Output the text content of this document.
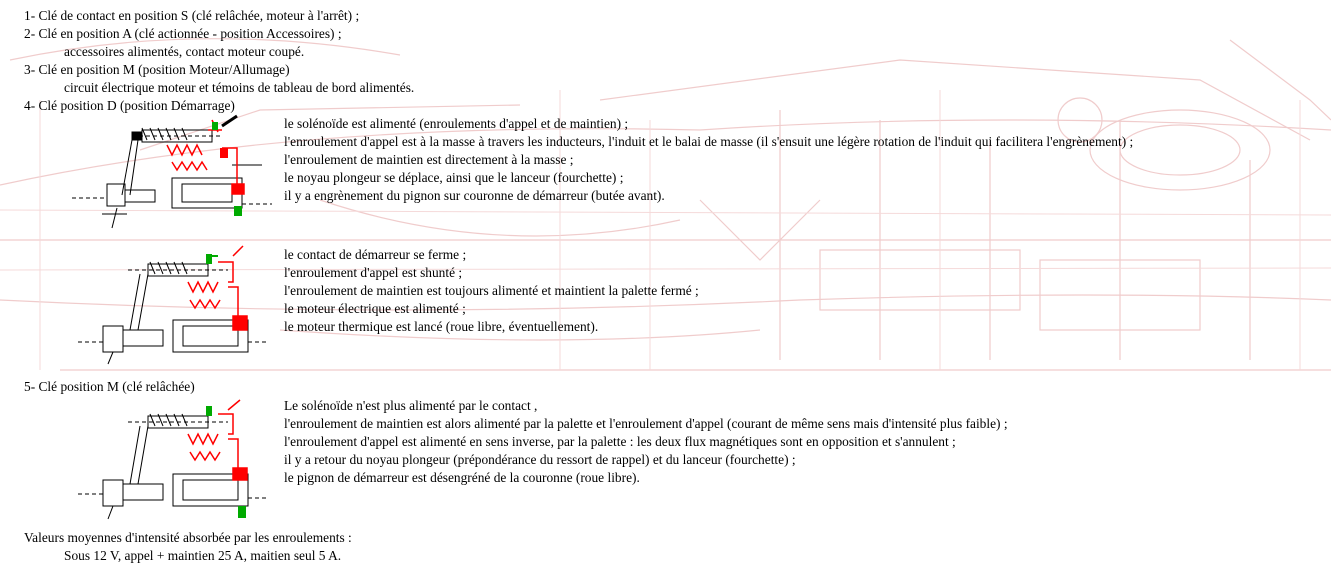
1- Clé de contact en position S (clé relâchée, moteur à l'arrêt) ;
2- Clé en position A (clé actionnée - position Accessoires) ;
accessoires alimentés, contact moteur coupé.
3- Clé en position M (position Moteur/Allumage)
circuit électrique moteur et témoins de tableau de bord alimentés.
4- Clé position D (position Démarrage)
le solénoïde est alimenté (enroulements d'appel et de maintien) ;
l'enroulement d'appel est à la masse à travers les inducteurs, l'induit et le balai de masse (il s'ensuit une légère rotation de l'induit qui facilitera l'engrènement) ;
l'enroulement de maintien est directement à la masse ;
le noyau plongeur se déplace, ainsi que le lanceur (fourchette) ;
il y a engrènement du pignon sur couronne de démarreur (butée avant).
le contact de démarreur se ferme ;
l'enroulement d'appel est shunté ;
l'enroulement de maintien est toujours alimenté et maintient la palette fermé ;
le moteur électrique est alimenté ;
le moteur thermique est lancé (roue libre, éventuellement).
5- Clé position M (clé relâchée)
Le solénoïde n'est plus alimenté par le contact ,
l'enroulement de maintien est alors alimenté par la palette et l'enroulement d'appel (courant de même sens mais d'intensité plus faible) ;
l'enroulement d'appel est alimenté en sens inverse, par la palette : les deux flux magnétiques sont en opposition et s'annulent ;
il y a retour du noyau plongeur (prépondérance du ressort de rappel) et du lanceur (fourchette) ;
le pignon de démarreur est désengréné de la couronne (roue libre).
Valeurs moyennes d'intensité absorbée par les enroulements :
Sous 12 V, appel + maintien 25 A, maitien seul 5 A.
